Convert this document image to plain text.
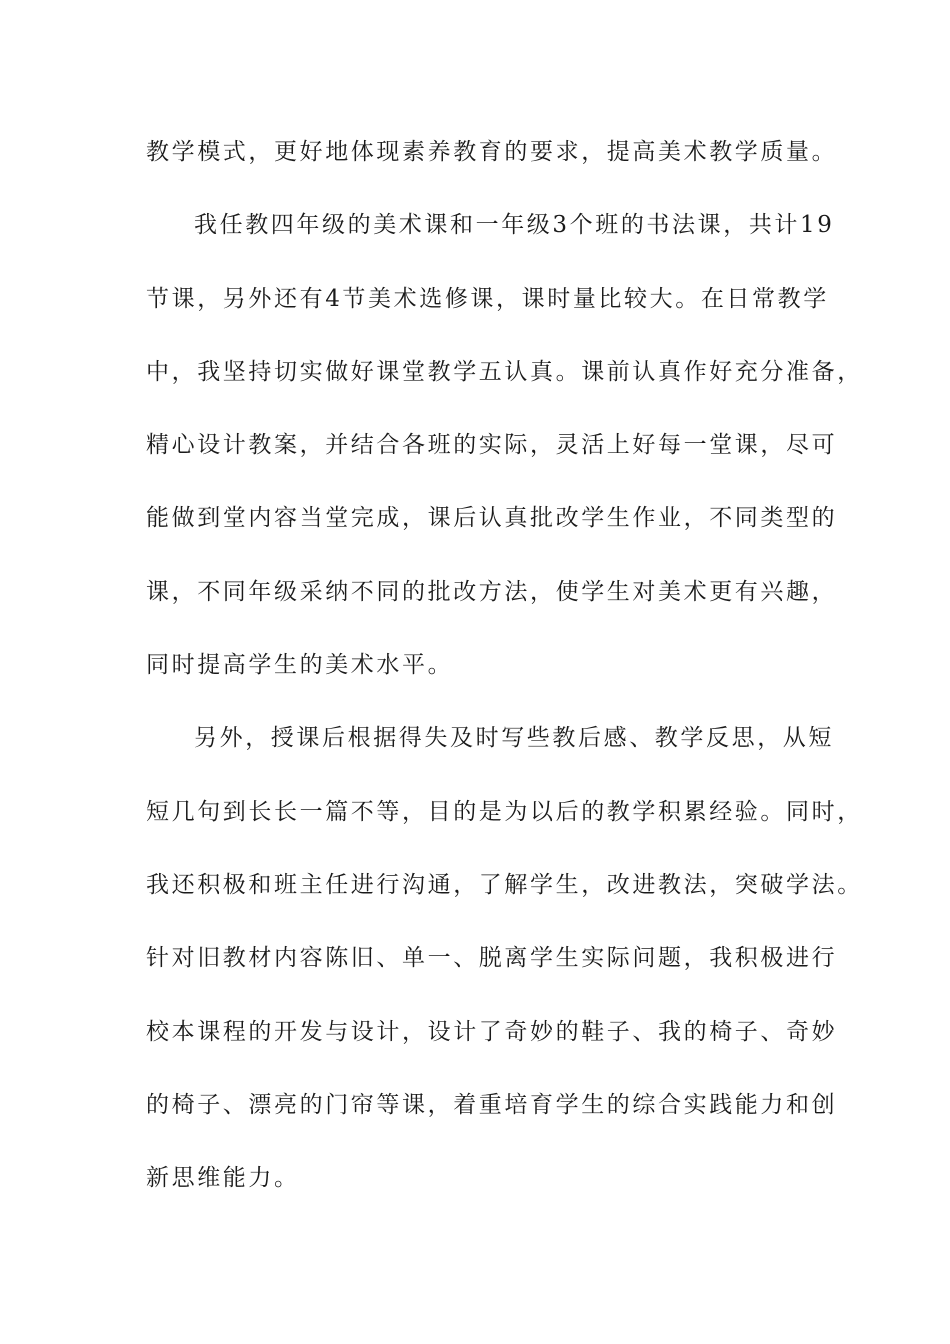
教学模式，更好地体现素养教育的要求，提高美术教学质量。
我任教四年级的美术课和一年级3个班的书法课，共计19
节课，另外还有4节美术选修课，课时量比较大。在日常教学
中，我坚持切实做好课堂教学五认真。课前认真作好充分准备，
精心设计教案，并结合各班的实际，灵活上好每一堂课，尽可
能做到堂内容当堂完成，课后认真批改学生作业，不同类型的
课，不同年级采纳不同的批改方法，使学生对美术更有兴趣，
同时提高学生的美术水平。
另外，授课后根据得失及时写些教后感、教学反思，从短
短几句到长长一篇不等，目的是为以后的教学积累经验。同时，
我还积极和班主任进行沟通，了解学生，改进教法，突破学法。
针对旧教材内容陈旧、单一、脱离学生实际问题，我积极进行
校本课程的开发与设计，设计了奇妙的鞋子、我的椅子、奇妙
的椅子、漂亮的门帘等课，着重培育学生的综合实践能力和创
新思维能力。
